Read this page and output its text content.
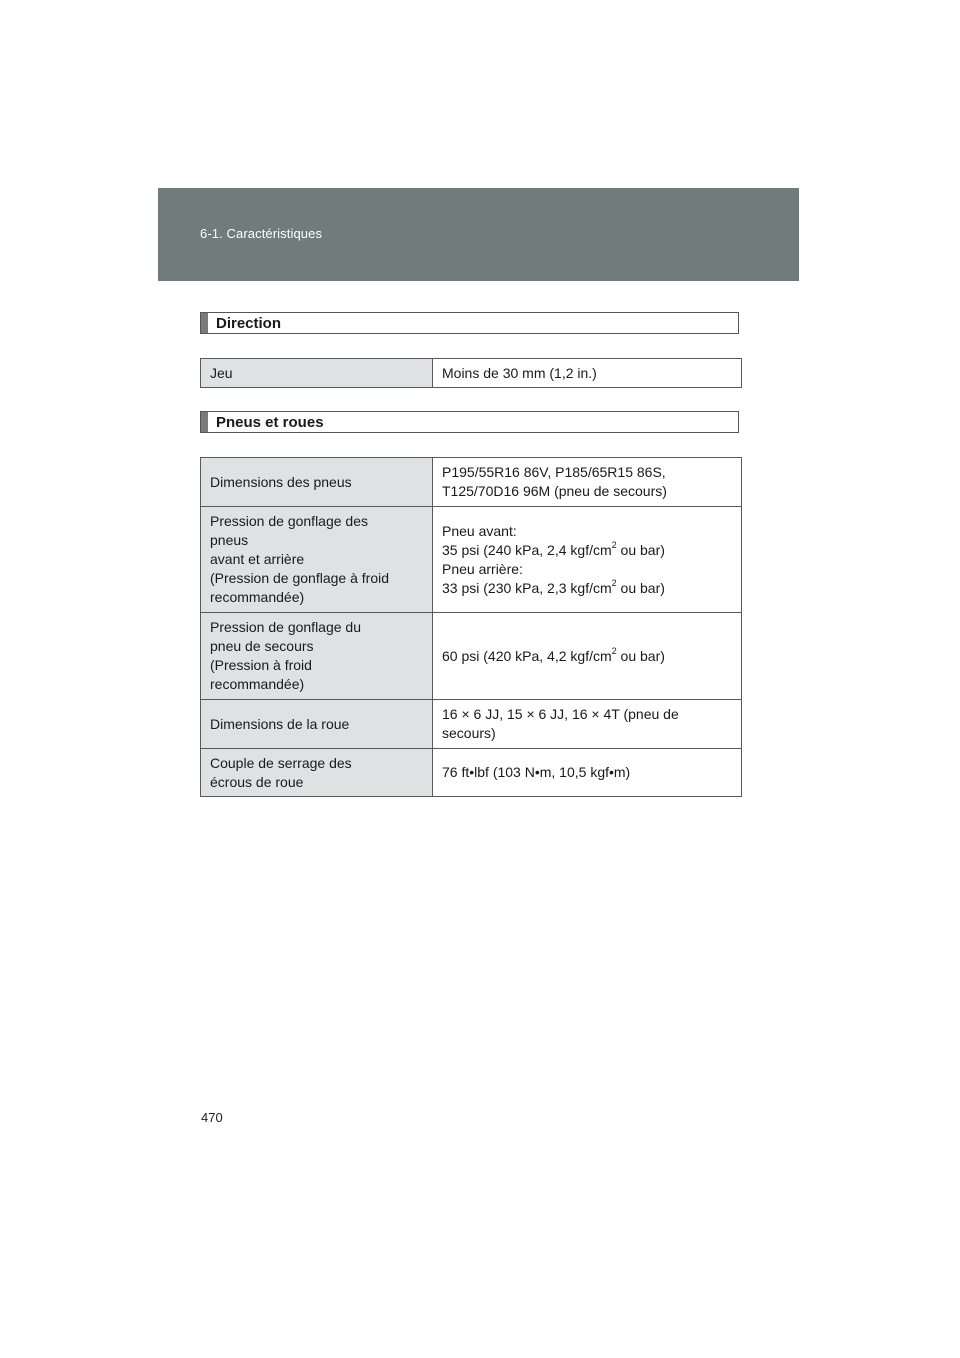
6-1. Caractéristiques
Direction
Jeu	Moins de 30 mm (1,2 in.)
Pneus et roues
Dimensions des pneus	P195/55R16 86V, P185/65R15 86S,
T125/70D16 96M (pneu de secours)

Pression de gonflage des
pneus
avant et arrière
(Pression de gonflage à froid
recommandée)	Pneu avant:
35 psi (240 kPa, 2,4 kgf/$cm^2$ ou bar)
Pneu arrière:
33 psi (230 kPa, 2,3 kgf/$cm^2$ ou bar)

Pression de gonflage du
pneu de secours
(Pression à froid
recommandée)	60 psi (420 kPa, 4,2 kgf/$cm^2$ ou bar)
Dimensions de la roue	16 × 6 JJ, 15 × 6 JJ, 16 × 4T (pneu de
secours)

Couple de serrage des
écrous de roue	76 ft•lbf (103 N•m, 10,5 kgf•m)
470
